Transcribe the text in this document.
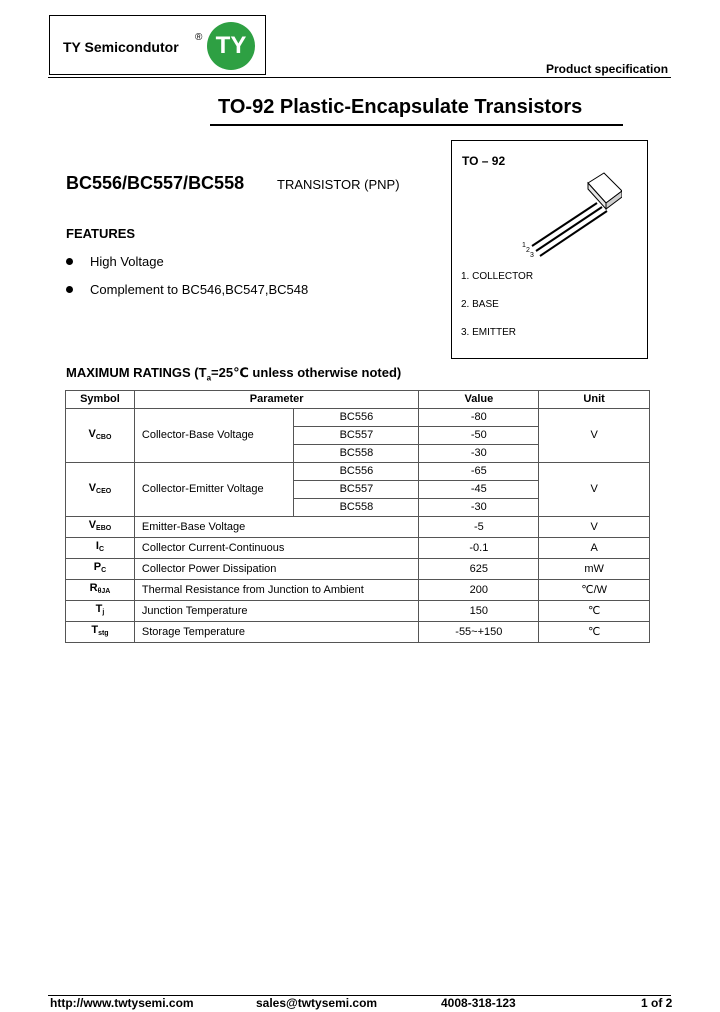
TY Semicondutor
® TY
Product specification
TO-92 Plastic-Encapsulate Transistors
BC556/BC557/BC558	TRANSISTOR (PNP)
FEATURES
High Voltage
Complement to BC546,BC547,BC548
TO – 92
1
2
3
1. COLLECTOR
2. BASE
3. EMITTER
MAXIMUM RATINGS ($T_a=25℃$ unless otherwise noted)
Symbol	Parameter		Value	Unit
VCBO	Collector-Base Voltage	BC556	-80	V
		BC557	-50	
		BC558	-30	
VCEO	Collector-Emitter Voltage	BC556	-65	V
		BC557	-45	
		BC558	-30	
VEBO	Emitter-Base Voltage		-5	V
IC	Collector Current-Continuous		-0.1	A
PC	Collector Power Dissipation		625	mW
RθJA	Thermal Resistance from Junction to Ambient		200	℃/W
Tj	Junction Temperature		150	℃
Tstg	Storage Temperature		-55~+150	℃
http://www.twtysemi.com	sales@twtysemi.com	4008-318-123	1 of 2
